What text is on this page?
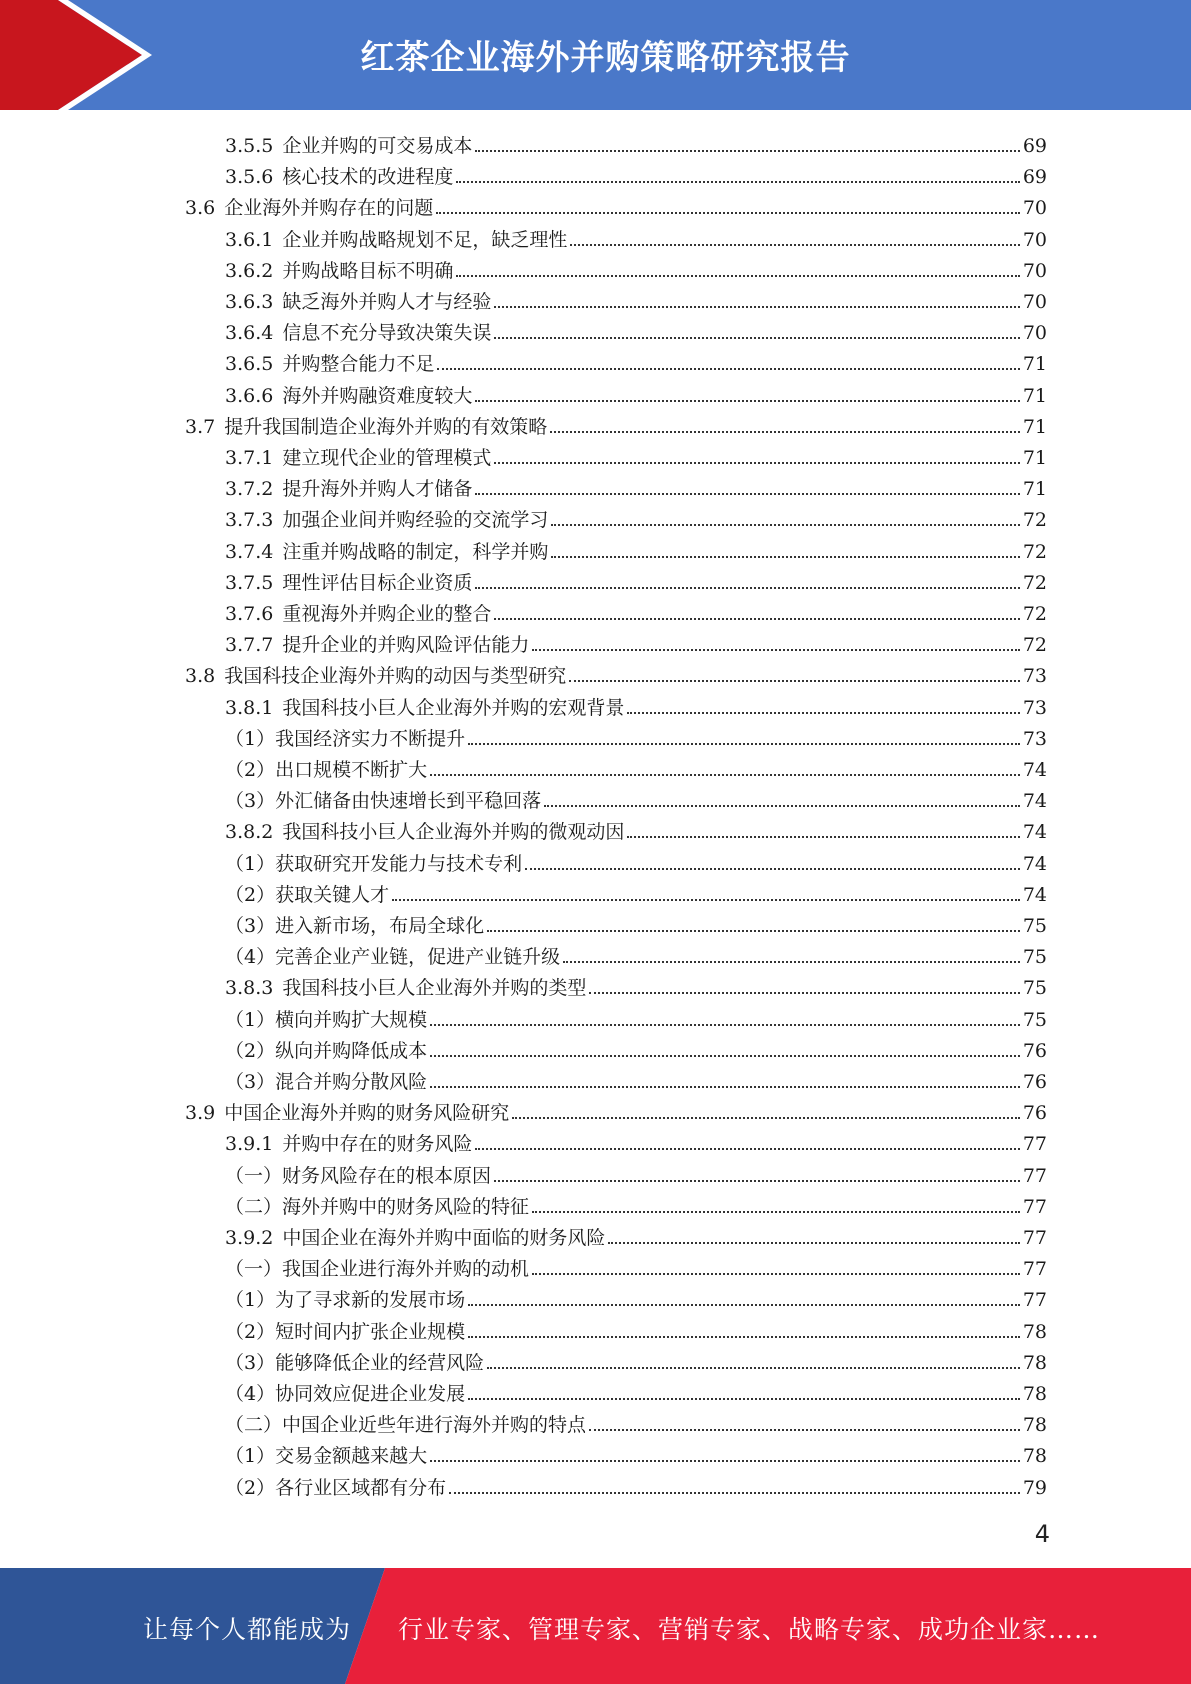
红茶企业海外并购策略研究报告
3.5.5 企业并购的可交易成本	69
3.5.6 核心技术的改进程度	69
3.6 企业海外并购存在的问题	70
3.6.1 企业并购战略规划不足，缺乏理性	70
3.6.2 并购战略目标不明确	70
3.6.3 缺乏海外并购人才与经验	70
3.6.4 信息不充分导致决策失误	70
3.6.5 并购整合能力不足	71
3.6.6 海外并购融资难度较大	71
3.7 提升我国制造企业海外并购的有效策略	71
3.7.1 建立现代企业的管理模式	71
3.7.2 提升海外并购人才储备	71
3.7.3 加强企业间并购经验的交流学习	72
3.7.4 注重并购战略的制定，科学并购	72
3.7.5 理性评估目标企业资质	72
3.7.6 重视海外并购企业的整合	72
3.7.7 提升企业的并购风险评估能力	72
3.8 我国科技企业海外并购的动因与类型研究	73
3.8.1 我国科技小巨人企业海外并购的宏观背景	73
（1）我国经济实力不断提升	73
（2）出口规模不断扩大	74
（3）外汇储备由快速增长到平稳回落	74
3.8.2 我国科技小巨人企业海外并购的微观动因	74
（1）获取研究开发能力与技术专利	74
（2）获取关键人才	74
（3）进入新市场，布局全球化	75
（4）完善企业产业链，促进产业链升级	75
3.8.3 我国科技小巨人企业海外并购的类型	75
（1）横向并购扩大规模	75
（2）纵向并购降低成本	76
（3）混合并购分散风险	76
3.9 中国企业海外并购的财务风险研究	76
3.9.1 并购中存在的财务风险	77
（一）财务风险存在的根本原因	77
（二）海外并购中的财务风险的特征	77
3.9.2 中国企业在海外并购中面临的财务风险	77
（一）我国企业进行海外并购的动机	77
（1）为了寻求新的发展市场	77
（2）短时间内扩张企业规模	78
（3）能够降低企业的经营风险	78
（4）协同效应促进企业发展	78
（二）中国企业近些年进行海外并购的特点	78
（1）交易金额越来越大	78
（2）各行业区域都有分布	79
4
让每个人都能成为 行业专家、管理专家、营销专家、战略专家、成功企业家……
